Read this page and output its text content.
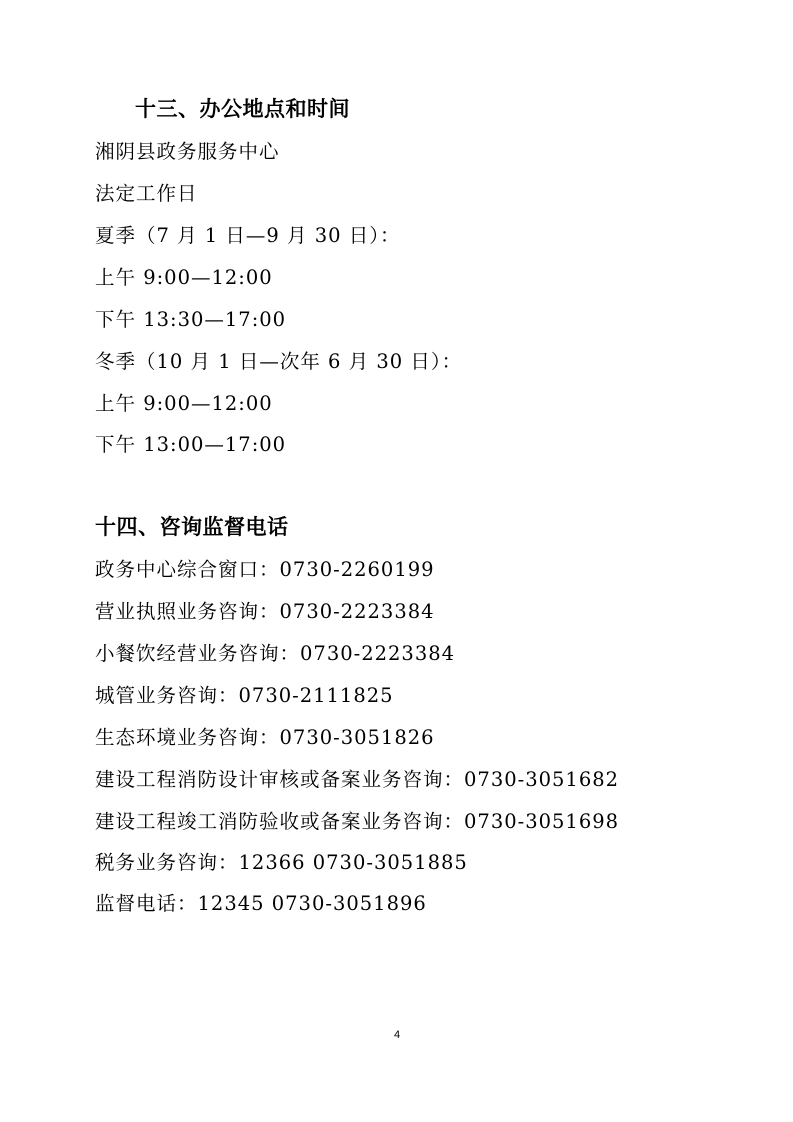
十三、办公地点和时间
湘阴县政务服务中心
法定工作日
夏季（7 月 1 日—9 月 30 日）：
上午 9:00—12:00
下午 13:30—17:00
冬季（10 月 1 日—次年 6 月 30 日）：
上午 9:00—12:00
下午 13:00—17:00
十四、咨询监督电话
政务中心综合窗口：0730-2260199
营业执照业务咨询：0730-2223384
小餐饮经营业务咨询：0730-2223384
城管业务咨询：0730-2111825
生态环境业务咨询：0730-3051826
建设工程消防设计审核或备案业务咨询：0730-3051682
建设工程竣工消防验收或备案业务咨询：0730-3051698
税务业务咨询：12366 0730-3051885
监督电话：12345 0730-3051896
4
